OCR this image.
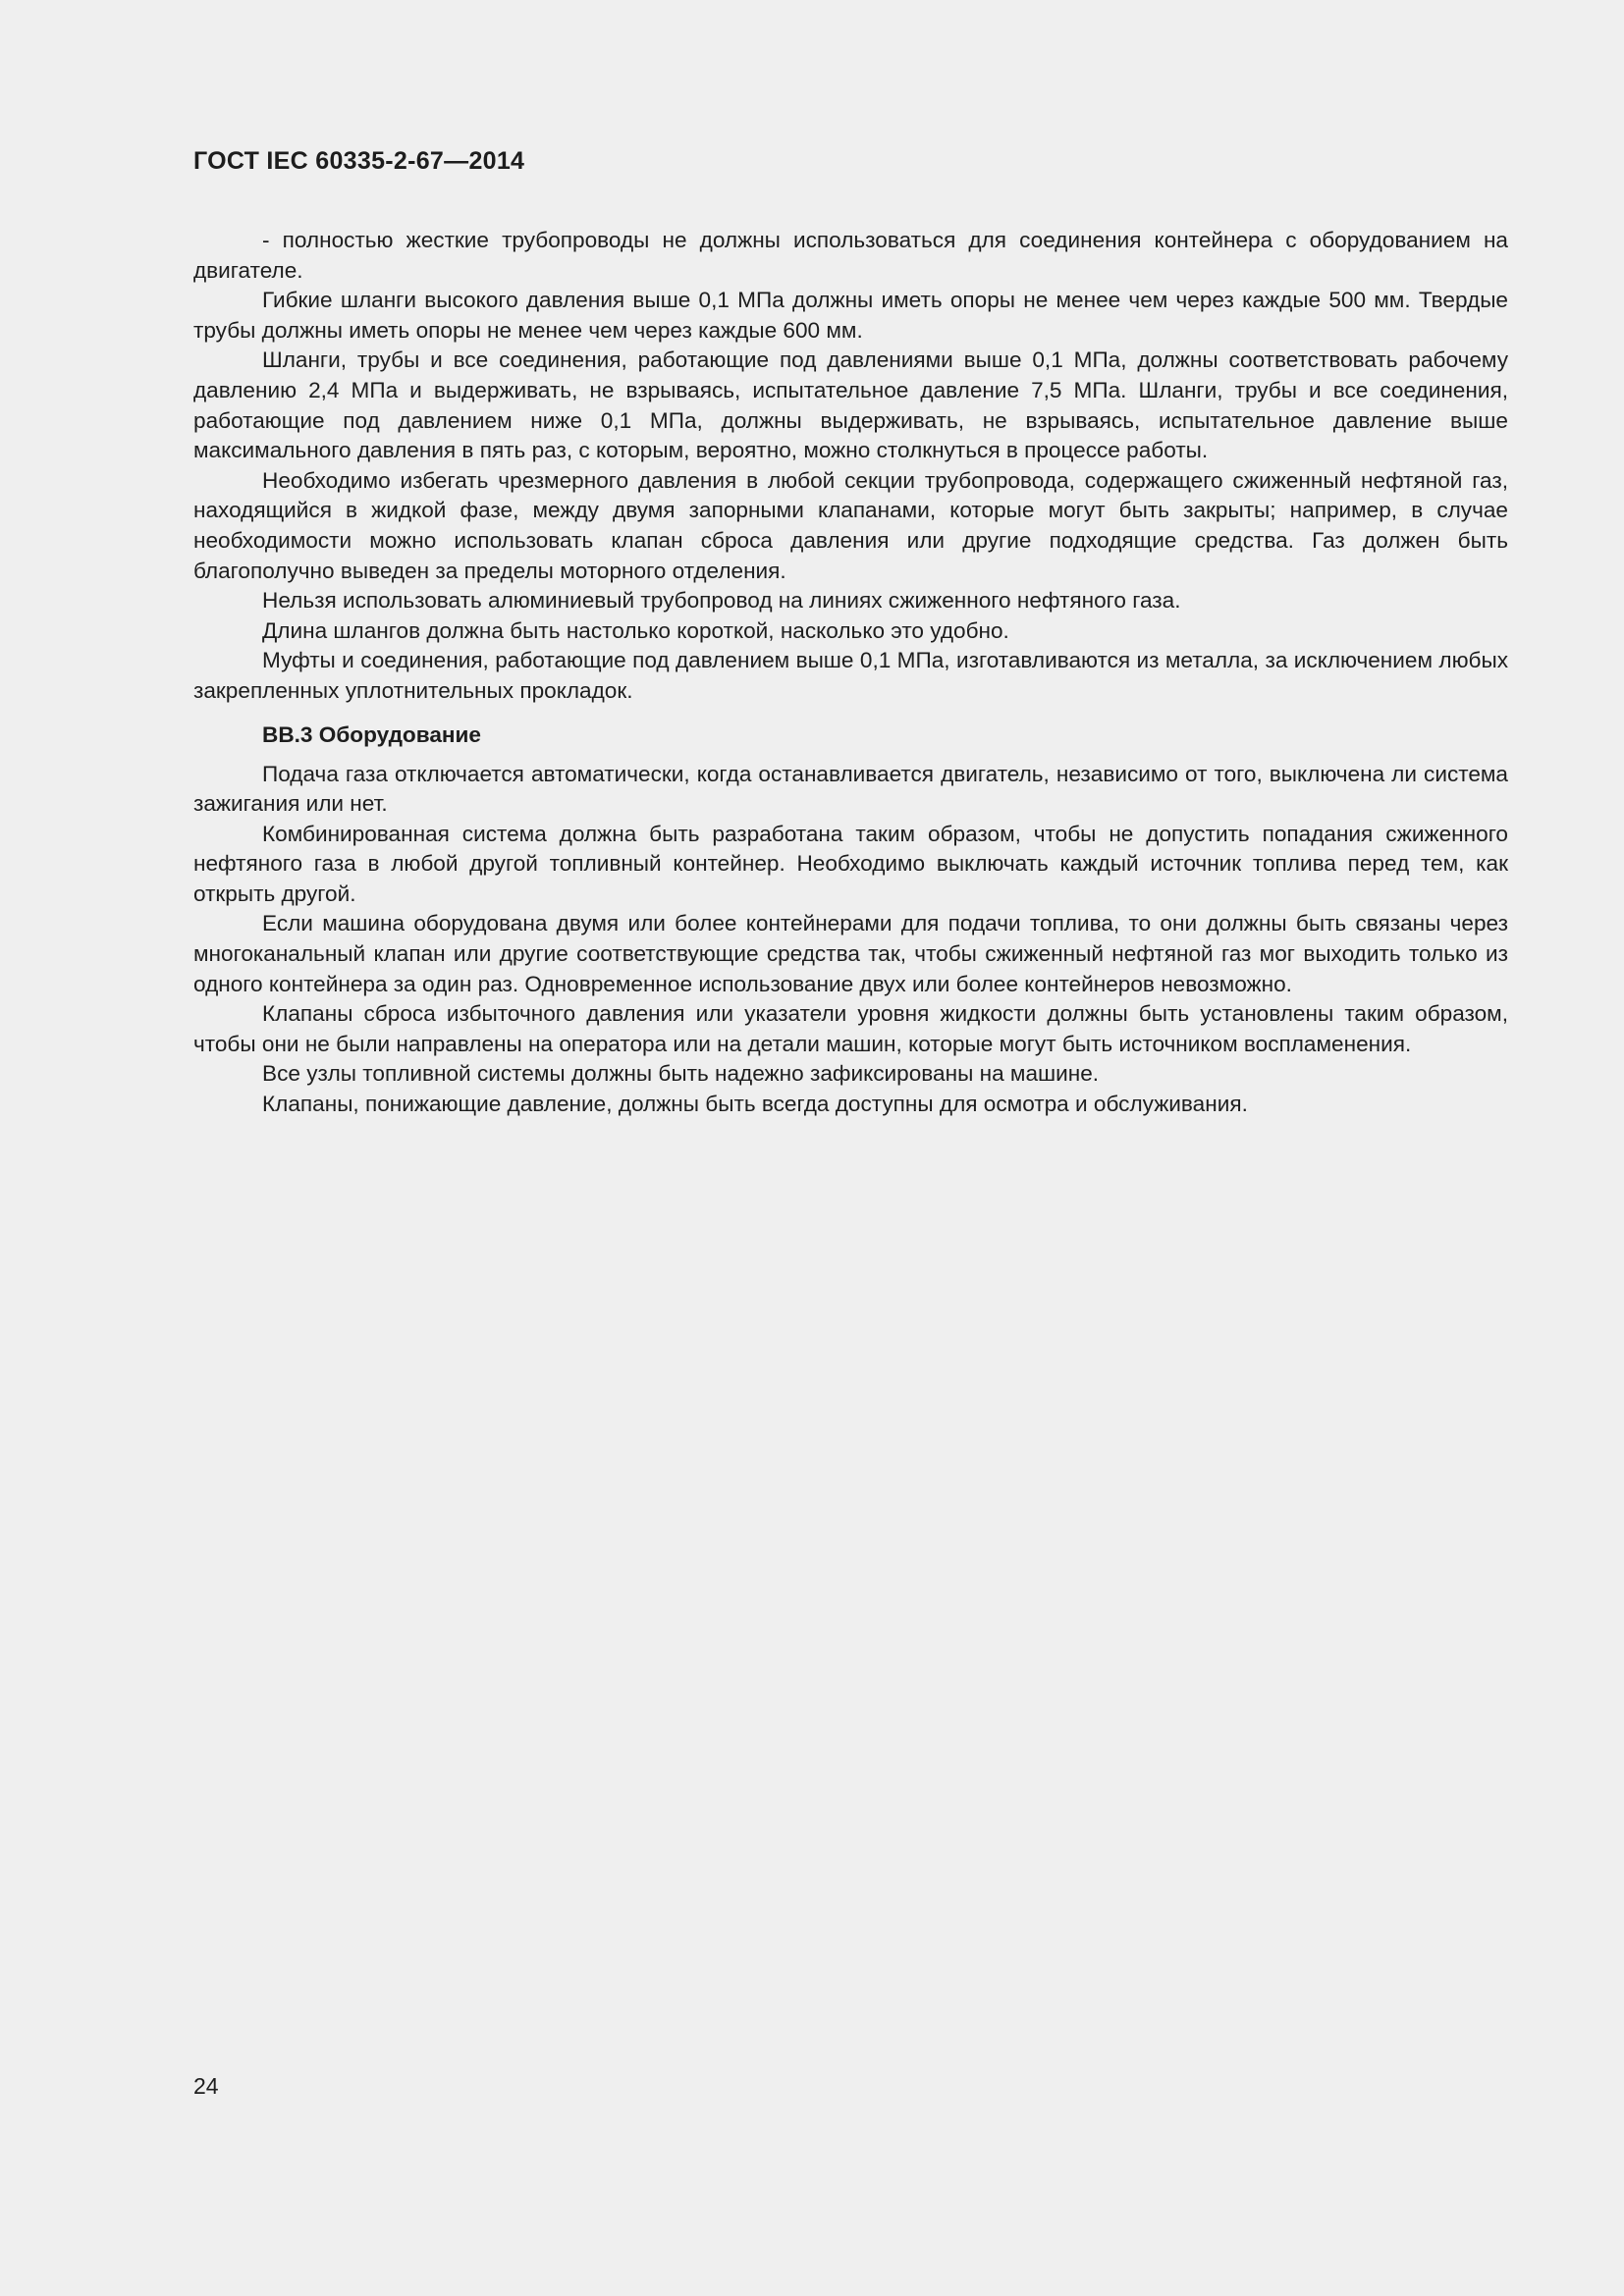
ГОСТ IEC 60335-2-67—2014

- полностью жесткие трубопроводы не должны использоваться для соединения контейнера с оборудованием на двигателе.

Гибкие шланги высокого давления выше 0,1 МПа должны иметь опоры не менее чем через каждые 500 мм. Твердые трубы должны иметь опоры не менее чем через каждые 600 мм.

Шланги, трубы и все соединения, работающие под давлениями выше 0,1 МПа, должны соответствовать рабочему давлению 2,4 МПа и выдерживать, не взрываясь, испытательное давление 7,5 МПа. Шланги, трубы и все соединения, работающие под давлением ниже 0,1 МПа, должны выдерживать, не взрываясь, испытательное давление выше максимального давления в пять раз, с которым, вероятно, можно столкнуться в процессе работы.

Необходимо избегать чрезмерного давления в любой секции трубопровода, содержащего сжиженный нефтяной газ, находящийся в жидкой фазе, между двумя запорными клапанами, которые могут быть закрыты; например, в случае необходимости можно использовать клапан сброса давления или другие подходящие средства. Газ должен быть благополучно выведен за пределы моторного отделения.

Нельзя использовать алюминиевый трубопровод на линиях сжиженного нефтяного газа.

Длина шлангов должна быть настолько короткой, насколько это удобно.

Муфты и соединения, работающие под давлением выше 0,1 МПа, изготавливаются из металла, за исключением любых закрепленных уплотнительных прокладок.

ВВ.3 Оборудование

Подача газа отключается автоматически, когда останавливается двигатель, независимо от того, выключена ли система зажигания или нет.

Комбинированная система должна быть разработана таким образом, чтобы не допустить попадания сжиженного нефтяного газа в любой другой топливный контейнер. Необходимо выключать каждый источник топлива перед тем, как открыть другой.

Если машина оборудована двумя или более контейнерами для подачи топлива, то они должны быть связаны через многоканальный клапан или другие соответствующие средства так, чтобы сжиженный нефтяной газ мог выходить только из одного контейнера за один раз. Одновременное использование двух или более контейнеров невозможно.

Клапаны сброса избыточного давления или указатели уровня жидкости должны быть установлены таким образом, чтобы они не были направлены на оператора или на детали машин, которые могут быть источником воспламенения.

Все узлы топливной системы должны быть надежно зафиксированы на машине.

Клапаны, понижающие давление, должны быть всегда доступны для осмотра и обслуживания.

24
